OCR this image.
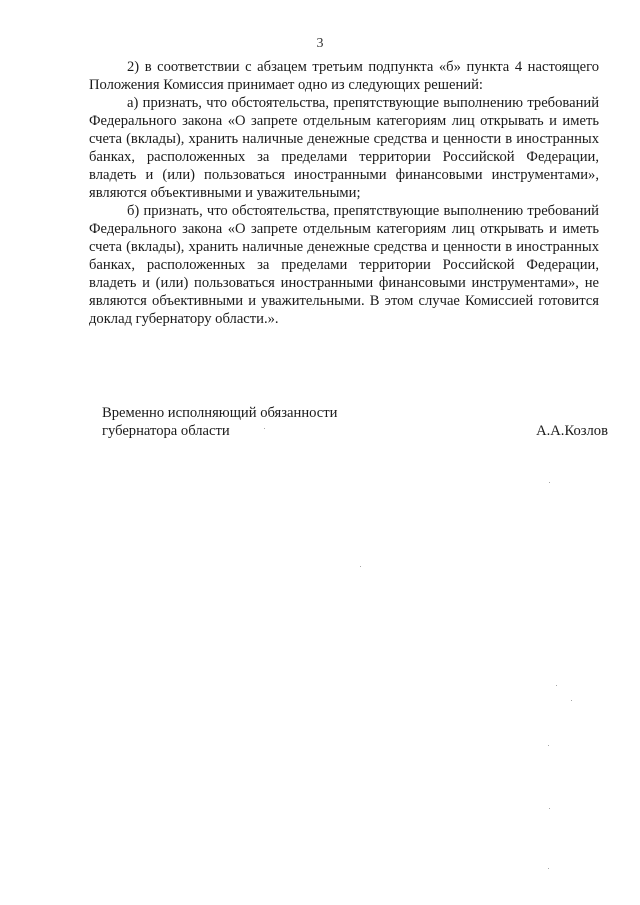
3

2) в соответствии с абзацем третьим подпункта «б» пункта 4 настоящего Положения Комиссия принимает одно из следующих решений:

а) признать, что обстоятельства, препятствующие выполнению требований Федерального закона «О запрете отдельным категориям лиц открывать и иметь счета (вклады), хранить наличные денежные средства и ценности в иностранных банках, расположенных за пределами территории Российской Федерации, владеть и (или) пользоваться иностранными финансовыми инструментами», являются объективными и уважительными;

б) признать, что обстоятельства, препятствующие выполнению требований Федерального закона «О запрете отдельным категориям лиц открывать и иметь счета (вклады), хранить наличные денежные средства и ценности в иностранных банках, расположенных за пределами территории Российской Федерации, владеть и (или) пользоваться иностранными финансовыми инструментами», не являются объективными и уважительными. В этом случае Комиссией готовится доклад губернатору области.».

Временно исполняющий обязанности
губернатора области	А.А.Козлов
